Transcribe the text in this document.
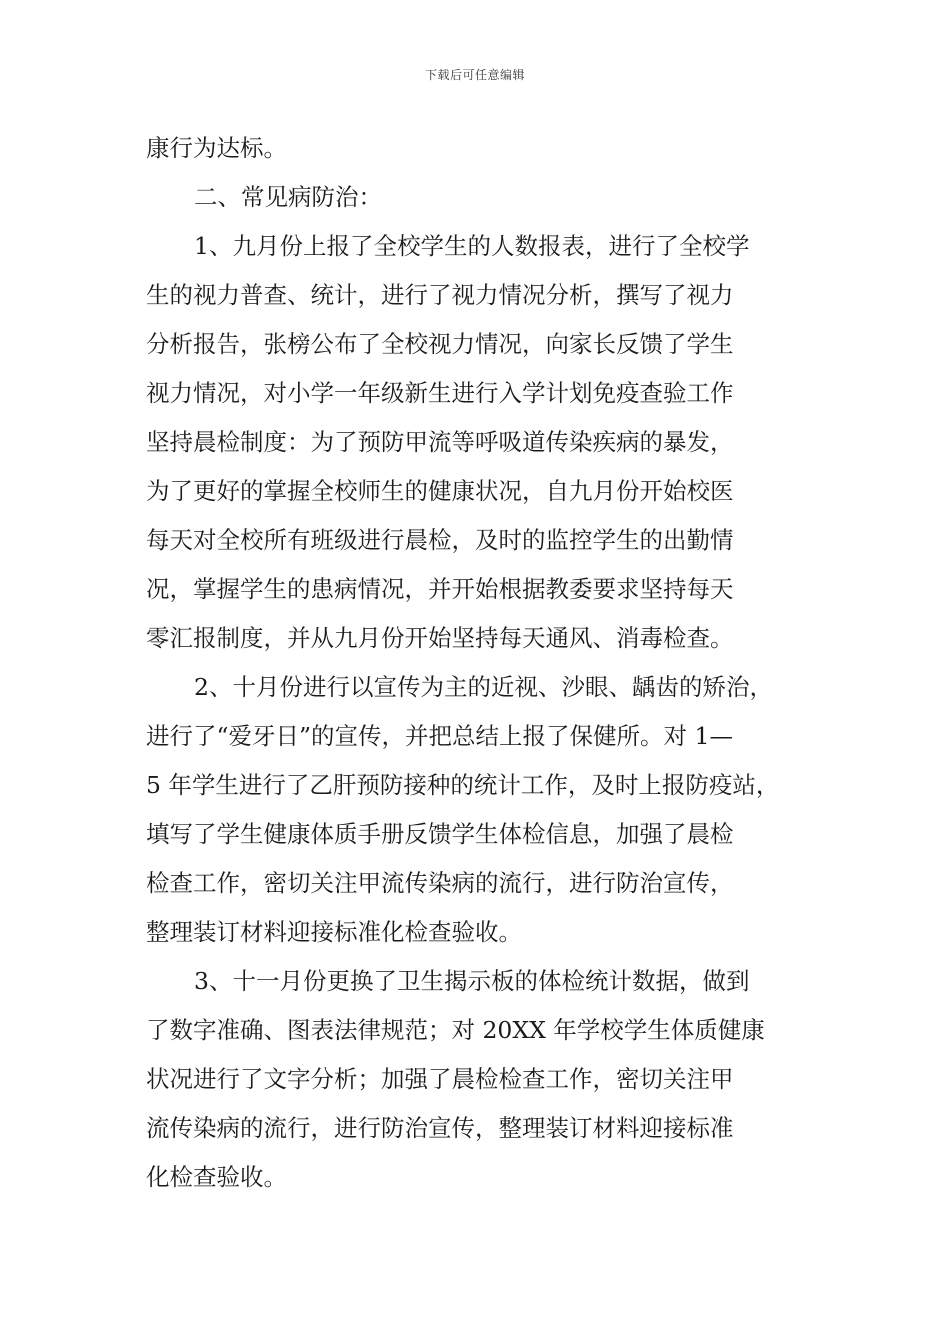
下载后可任意编辑
康行为达标。
二、常见病防治：
1、九月份上报了全校学生的人数报表，进行了全校学
生的视力普查、统计，进行了视力情况分析，撰写了视力
分析报告，张榜公布了全校视力情况，向家长反馈了学生
视力情况，对小学一年级新生进行入学计划免疫查验工作
坚持晨检制度：为了预防甲流等呼吸道传染疾病的暴发，
为了更好的掌握全校师生的健康状况，自九月份开始校医
每天对全校所有班级进行晨检，及时的监控学生的出勤情
况，掌握学生的患病情况，并开始根据教委要求坚持每天
零汇报制度，并从九月份开始坚持每天通风、消毒检查。
2、十月份进行以宣传为主的近视、沙眼、龋齿的矫治，
进行了“爱牙日”的宣传，并把总结上报了保健所。对 1—
5 年学生进行了乙肝预防接种的统计工作，及时上报防疫站，
填写了学生健康体质手册反馈学生体检信息，加强了晨检
检查工作，密切关注甲流传染病的流行，进行防治宣传，
整理装订材料迎接标准化检查验收。
3、十一月份更换了卫生揭示板的体检统计数据，做到
了数字准确、图表法律规范；对 20XX 年学校学生体质健康
状况进行了文字分析；加强了晨检检查工作，密切关注甲
流传染病的流行，进行防治宣传，整理装订材料迎接标准
化检查验收。
